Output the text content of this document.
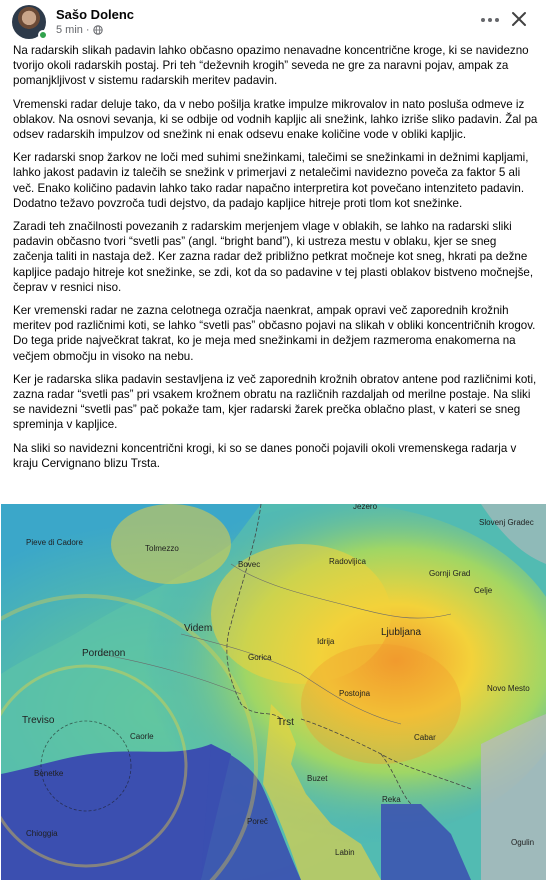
Sašo Dolenc
5 min ·

Na radarskih slikah padavin lahko občasno opazimo nenavadne koncentrične kroge, ki se navidezno tvorijo okoli radarskih postaj. Pri teh “deževnih krogih” seveda ne gre za naravni pojav, ampak za pomanjkljivost v sistemu radarskih meritev padavin.

Vremenski radar deluje tako, da v nebo pošilja kratke impulze mikrovalov in nato posluša odmeve iz oblakov. Na osnovi sevanja, ki se odbije od vodnih kapljic ali snežink, lahko izriše sliko padavin. Žal pa odsev radarskih impulzov od snežink ni enak odsevu enake količine vode v obliki kapljic.

Ker radarski snop žarkov ne loči med suhimi snežinkami, talečimi se snežinkami in dežnimi kapljami, lahko jakost padavin iz talečih se snežink v primerjavi z netalečimi navidezno poveča za faktor 5 ali več. Enako količino padavin lahko tako radar napačno interpretira kot povečano intenziteto padavin. Dodatno težavo povzroča tudi dejstvo, da padajo kapljice hitreje proti tlom kot snežinke.

Zaradi teh značilnosti povezanih z radarskim merjenjem vlage v oblakih, se lahko na radarski sliki padavin občasno tvori “svetli pas” (angl. “bright band”), ki ustreza mestu v oblaku, kjer se sneg začenja taliti in nastaja dež. Ker zazna radar dež približno petkrat močneje kot sneg, hkrati pa dežne kapljice padajo hitreje kot snežinke, se zdi, kot da so padavine v tej plasti oblakov bistveno močnejše, čeprav v resnici niso.

Ker vremenski radar ne zazna celotnega ozračja naenkrat, ampak opravi več zaporednih krožnih meritev pod različnimi koti, se lahko “svetli pas” občasno pojavi na slikah v obliki koncentričnih krogov. Do tega pride največkrat takrat, ko je meja med snežinkami in dežjem razmeroma enakomerna na večjem območju in visoko na nebu.

Ker je radarska slika padavin sestavljena iz več zaporednih krožnih obratov antene pod različnimi koti, zazna radar “svetli pas” pri vsakem krožnem obratu na različnih razdaljah od merilne postaje. Na sliki se navidezni “svetli pas” pač pokaže tam, kjer radarski žarek prečka oblačno plast, v kateri se sneg spreminja v kapljice.

Na sliki so navidezni koncentrični krogi, ki so se danes ponoči pojavili okoli vremenskega radarja v kraju Cervignano blizu Trsta.

Jezero
Slovenj Gradec
Pieve di Cadore
Tolmezzo
Bovec	Radovljica
Gornji Grad
Celje
Videm
Idrija
Ljubljana
Pordenon	Gorica
Novo Mesto
Postojna
Treviso
Caorle
Trst
Cabar
Benetke
Buzet
Reka
Chioggia
Poreč
Labin
Ogulin
